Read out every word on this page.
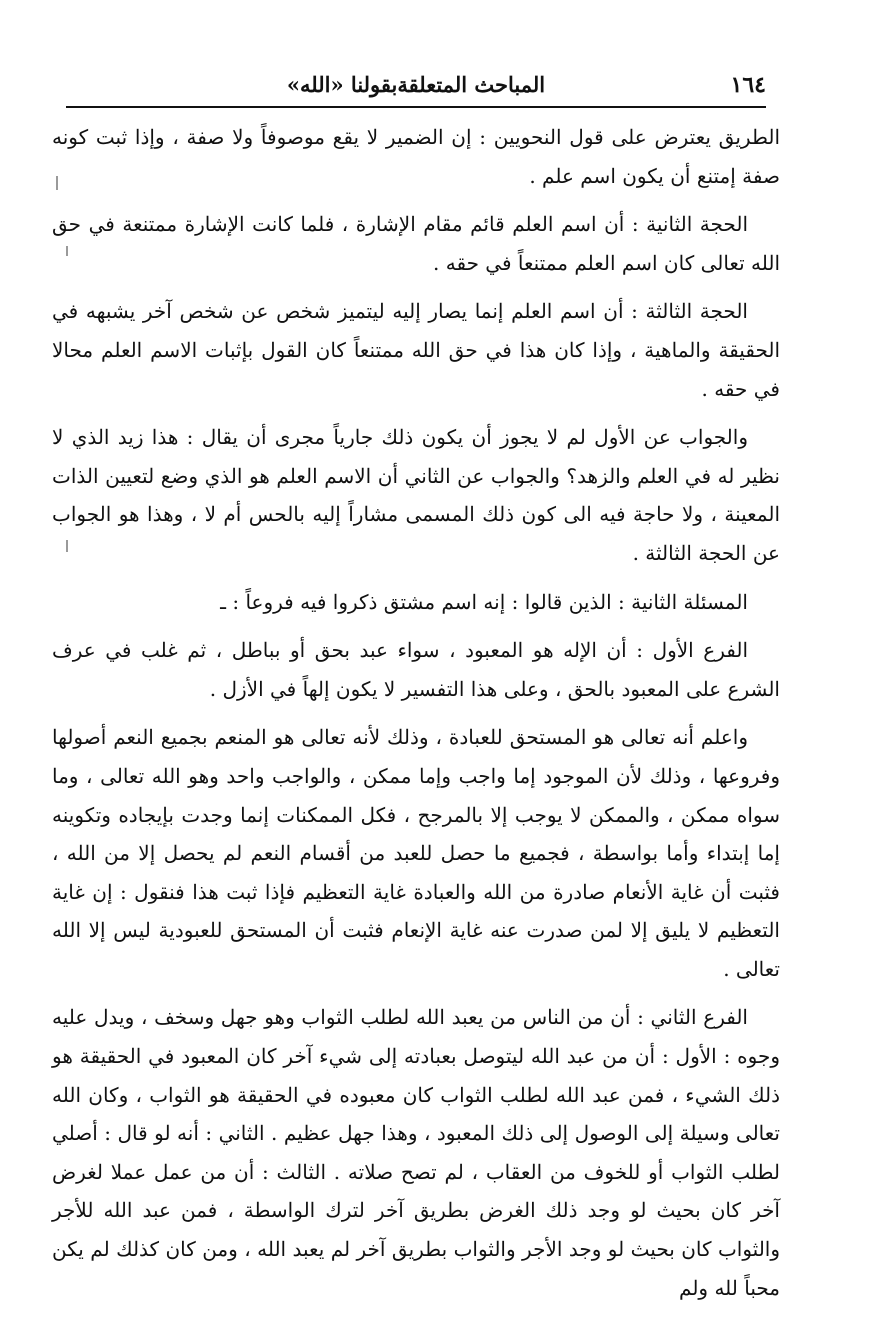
١٦٤
المباحث المتعلقةبقولنا «الله»

الطريق يعترض على قول النحويين : إن الضمير لا يقع موصوفاً ولا صفة ، وإذا ثبت كونه صفة إمتنع أن يكون اسم علم .

الحجة الثانية : أن اسم العلم قائم مقام الإشارة ، فلما كانت الإشارة ممتنعة في حق الله تعالى كان اسم العلم ممتنعاً في حقه .

الحجة الثالثة : أن اسم العلم إنما يصار إليه ليتميز شخص عن شخص آخر يشبهه في الحقيقة والماهية ، وإذا كان هذا في حق الله ممتنعاً كان القول بإثبات الاسم العلم محالا في حقه .

والجواب عن الأول لم لا يجوز أن يكون ذلك جارياً مجرى أن يقال : هذا زيد الذي لا نظير له في العلم والزهد؟ والجواب عن الثاني أن الاسم العلم هو الذي وضع لتعيين الذات المعينة ، ولا حاجة فيه الى كون ذلك المسمى مشاراً إليه بالحس أم لا ، وهذا هو الجواب عن الحجة الثالثة .

المسئلة الثانية : الذين قالوا : إنه اسم مشتق ذكروا فيه فروعاً : ـ

الفرع الأول : أن الإله هو المعبود ، سواء عبد بحق أو بباطل ، ثم غلب في عرف الشرع على المعبود بالحق ، وعلى هذا التفسير لا يكون إلهاً في الأزل .

واعلم أنه تعالى هو المستحق للعبادة ، وذلك لأنه تعالى هو المنعم بجميع النعم أصولها وفروعها ، وذلك لأن الموجود إما واجب وإما ممكن ، والواجب واحد وهو الله تعالى ، وما سواه ممكن ، والممكن لا يوجب إلا بالمرجح ، فكل الممكنات إنما وجدت بإيجاده وتكوينه إما إبتداء وأما بواسطة ، فجميع ما حصل للعبد من أقسام النعم لم يحصل إلا من الله ، فثبت أن غاية الأنعام صادرة من الله والعبادة غاية التعظيم فإذا ثبت هذا فنقول : إن غاية التعظيم لا يليق إلا لمن صدرت عنه غاية الإنعام فثبت أن المستحق للعبودية ليس إلا الله تعالى .

الفرع الثاني : أن من الناس من يعبد الله لطلب الثواب وهو جهل وسخف ، ويدل عليه وجوه : الأول : أن من عبد الله ليتوصل بعبادته إلى شيء آخر كان المعبود في الحقيقة هو ذلك الشيء ، فمن عبد الله لطلب الثواب كان معبوده في الحقيقة هو الثواب ، وكان الله تعالى وسيلة إلى الوصول إلى ذلك المعبود ، وهذا جهل عظيم . الثاني : أنه لو قال : أصلي لطلب الثواب أو للخوف من العقاب ، لم تصح صلاته . الثالث : أن من عمل عملا لغرض آخر كان بحيث لو وجد ذلك الغرض بطريق آخر لترك الواسطة ، فمن عبد الله للأجر والثواب كان بحيث لو وجد الأجر والثواب بطريق آخر لم يعبد الله ، ومن كان كذلك لم يكن محباً لله ولم
